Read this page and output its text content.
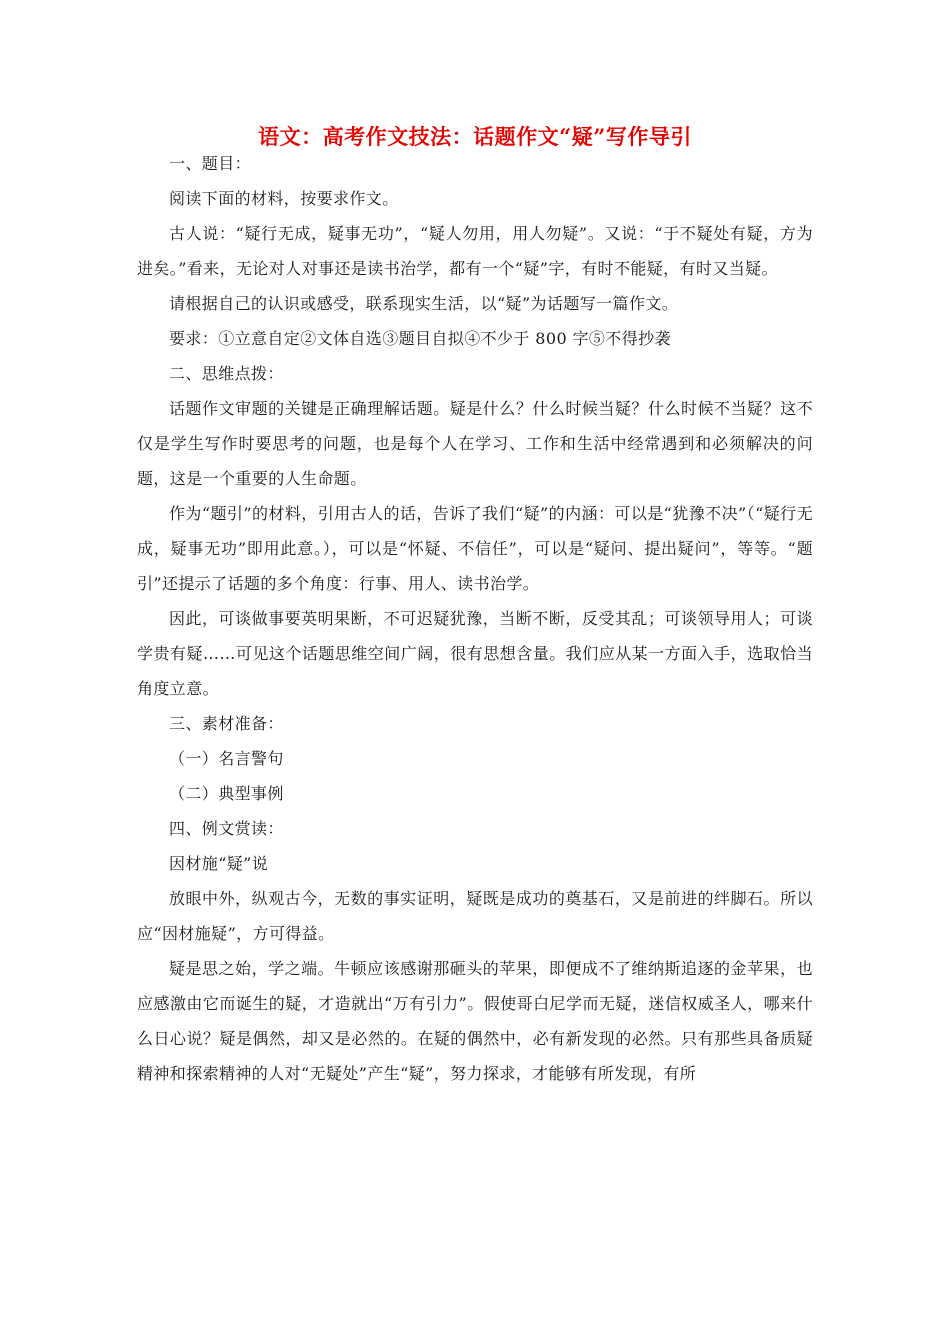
语文：高考作文技法：话题作文“疑”写作导引

一、题目：

阅读下面的材料，按要求作文。

古人说：“疑行无成，疑事无功”，“疑人勿用，用人勿疑”。又说：“于不疑处有疑，方为进矣。”看来，无论对人对事还是读书治学，都有一个“疑”字，有时不能疑，有时又当疑。

请根据自己的认识或感受，联系现实生活，以“疑”为话题写一篇作文。

要求：①立意自定②文体自选③题目自拟④不少于 800 字⑤不得抄袭

二、思维点拨：

话题作文审题的关键是正确理解话题。疑是什么？什么时候当疑？什么时候不当疑？这不仅是学生写作时要思考的问题，也是每个人在学习、工作和生活中经常遇到和必须解决的问题，这是一个重要的人生命题。

作为“题引”的材料，引用古人的话，告诉了我们“疑”的内涵：可以是“犹豫不决”（“疑行无成，疑事无功”即用此意。），可以是“怀疑、不信任”，可以是“疑问、提出疑问”，等等。“题引”还提示了话题的多个角度：行事、用人、读书治学。

因此，可谈做事要英明果断，不可迟疑犹豫，当断不断，反受其乱；可谈领导用人；可谈学贵有疑……可见这个话题思维空间广阔，很有思想含量。我们应从某一方面入手，选取恰当角度立意。

三、素材准备：

（一）名言警句

（二）典型事例

四、例文赏读：

因材施“疑”说

放眼中外，纵观古今，无数的事实证明，疑既是成功的奠基石，又是前进的绊脚石。所以应“因材施疑”，方可得益。

疑是思之始，学之端。牛顿应该感谢那砸头的苹果，即便成不了维纳斯追逐的金苹果，也应感激由它而诞生的疑，才造就出“万有引力”。假使哥白尼学而无疑，迷信权威圣人，哪来什么日心说？疑是偶然，却又是必然的。在疑的偶然中，必有新发现的必然。只有那些具备质疑精神和探索精神的人对“无疑处”产生“疑”，努力探求，才能够有所发现，有所
